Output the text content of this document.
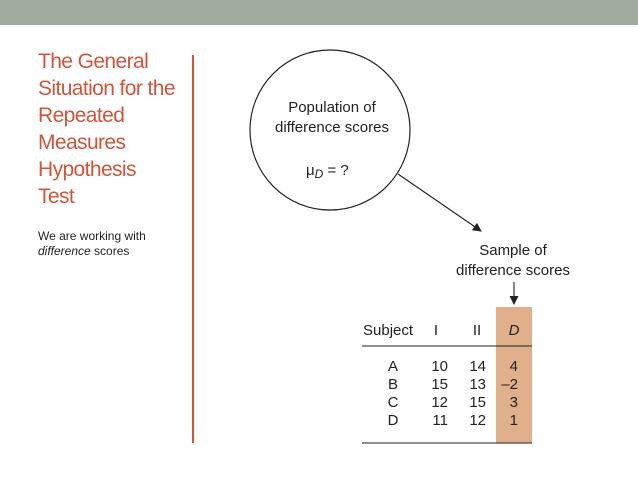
The General
Situation for the
Repeated
Measures
Hypothesis
Test
We are working with
difference scores
Population of
difference scores
$\mu_D$ = ?
Sample of
difference scores
Subject I II D
A 10 14 4
B 15 13 –2
C 12 15 3
D 11 12 1
